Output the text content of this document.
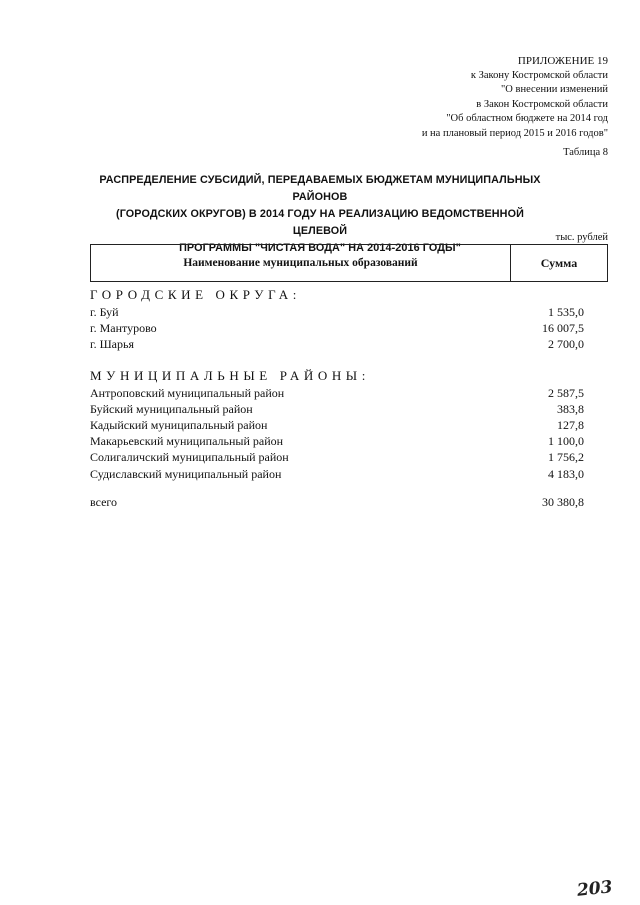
ПРИЛОЖЕНИЕ 19
к Закону Костромской области
"О внесении изменений
в Закон Костромской области
"Об областном бюджете на 2014 год
и на плановый период 2015 и 2016 годов"
Таблица 8
РАСПРЕДЕЛЕНИЕ СУБСИДИЙ, ПЕРЕДАВАЕМЫХ БЮДЖЕТАМ МУНИЦИПАЛЬНЫХ РАЙОНОВ
(ГОРОДСКИХ ОКРУГОВ) В 2014 ГОДУ НА РЕАЛИЗАЦИЮ ВЕДОМСТВЕННОЙ ЦЕЛЕВОЙ
ПРОГРАММЫ "ЧИСТАЯ ВОДА" НА 2014-2016 ГОДЫ"
тыс. рублей
Наименование муниципальных образований	Сумма
ГОРОДСКИЕ ОКРУГА:
г. Буй	1 535,0
г. Мантурово	16 007,5
г. Шарья	2 700,0
МУНИЦИПАЛЬНЫЕ РАЙОНЫ:
Антроповский муниципальный район	2 587,5
Буйский муниципальный район	383,8
Кадыйский муниципальный район	127,8
Макарьевский муниципальный район	1 100,0
Солигаличский муниципальный район	1 756,2
Судиславский муниципальный район	4 183,0
всего	30 380,8
203
